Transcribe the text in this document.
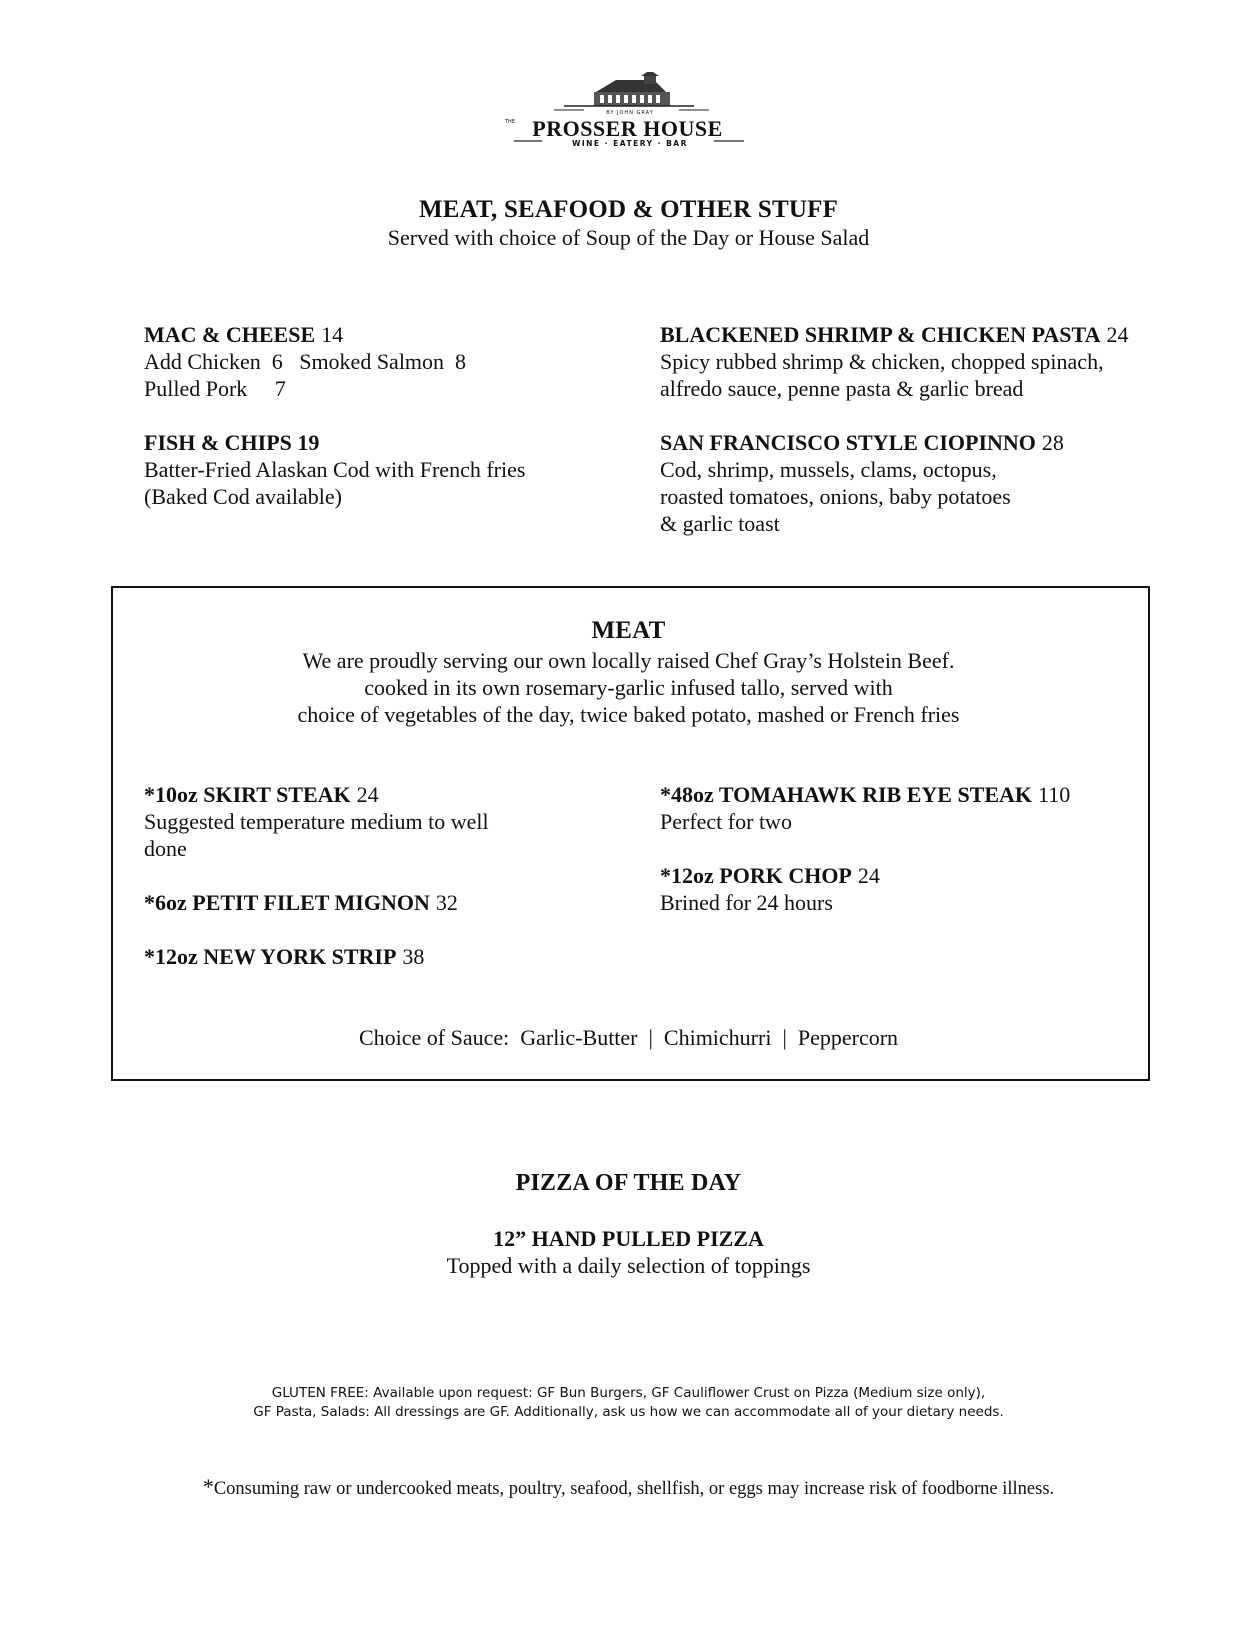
BY JOHN GRAY
THE PROSSER HOUSE
WINE · EATERY · BAR
MEAT, SEAFOOD & OTHER STUFF
Served with choice of Soup of the Day or House Salad
MAC & CHEESE 14
Add Chicken  6   Smoked Salmon  8
Pulled Pork     7
FISH & CHIPS 19
Batter-Fried Alaskan Cod with French fries
(Baked Cod available)
BLACKENED SHRIMP & CHICKEN PASTA 24
Spicy rubbed shrimp & chicken, chopped spinach,
alfredo sauce, penne pasta & garlic bread
SAN FRANCISCO STYLE CIOPINNO 28
Cod, shrimp, mussels, clams, octopus,
roasted tomatoes, onions, baby potatoes
& garlic toast
MEAT
We are proudly serving our own locally raised Chef Gray’s Holstein Beef.
cooked in its own rosemary-garlic infused tallo, served with
choice of vegetables of the day, twice baked potato, mashed or French fries
*10oz SKIRT STEAK 24
Suggested temperature medium to well
done
*6oz PETIT FILET MIGNON 32
*12oz NEW YORK STRIP 38
*48oz TOMAHAWK RIB EYE STEAK 110
Perfect for two
*12oz PORK CHOP 24
Brined for 24 hours
Choice of Sauce:  Garlic-Butter  |  Chimichurri  |  Peppercorn
PIZZA OF THE DAY
12” HAND PULLED PIZZA
Topped with a daily selection of toppings
GLUTEN FREE: Available upon request: GF Bun Burgers, GF Cauliflower Crust on Pizza (Medium size only),
GF Pasta, Salads: All dressings are GF. Additionally, ask us how we can accommodate all of your dietary needs.
*Consuming raw or undercooked meats, poultry, seafood, shellfish, or eggs may increase risk of foodborne illness.
